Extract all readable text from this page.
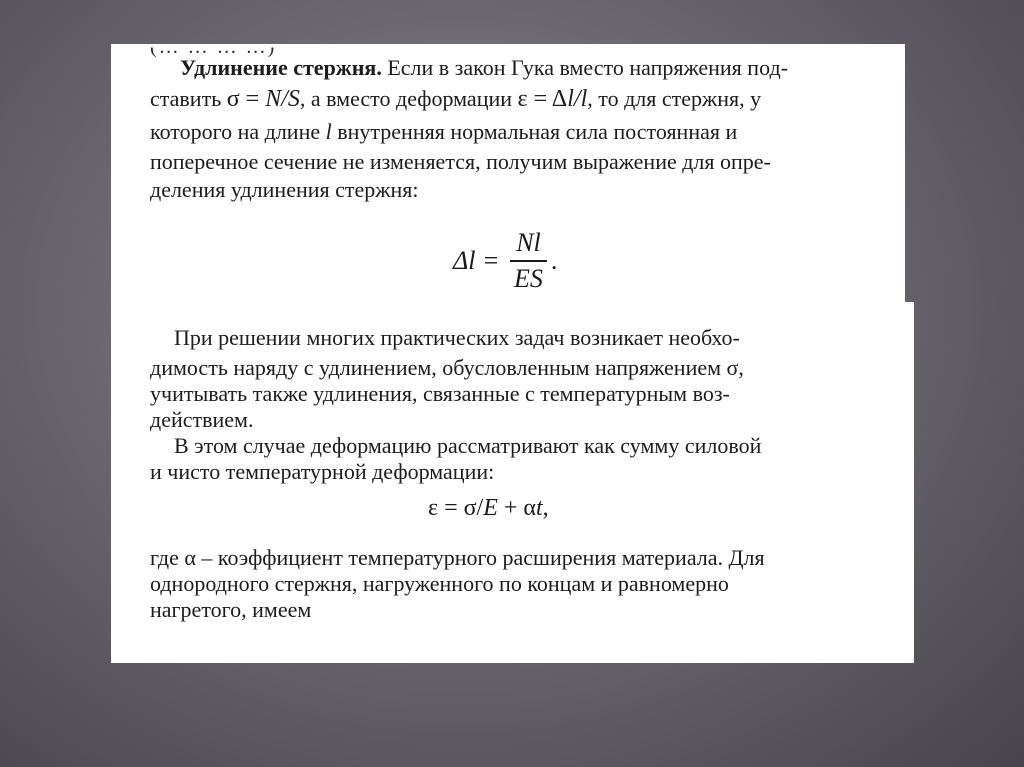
Удлинение стержня. Если в закон Гука вместо напряжения под-
ставить σ = N/S, а вместо деформации ε = Δl/l, то для стержня, у
которого на длине l внутренняя нормальная сила постоянная и
поперечное сечение не изменяется, получим выражение для опре-
деления удлинения стержня:
$\Delta l = \frac{Nl}{ES}$ .
При решении многих практических задач возникает необхо-
димость наряду с удлинением, обусловленным напряжением σ,
учитывать также удлинения, связанные с температурным воз-
действием.
В этом случае деформацию рассматривают как сумму силовой
и чисто температурной деформации:
ε = σ/E + αt,
где α – коэффициент температурного расширения материала. Для
однородного стержня, нагруженного по концам и равномерно
нагретого, имеем
